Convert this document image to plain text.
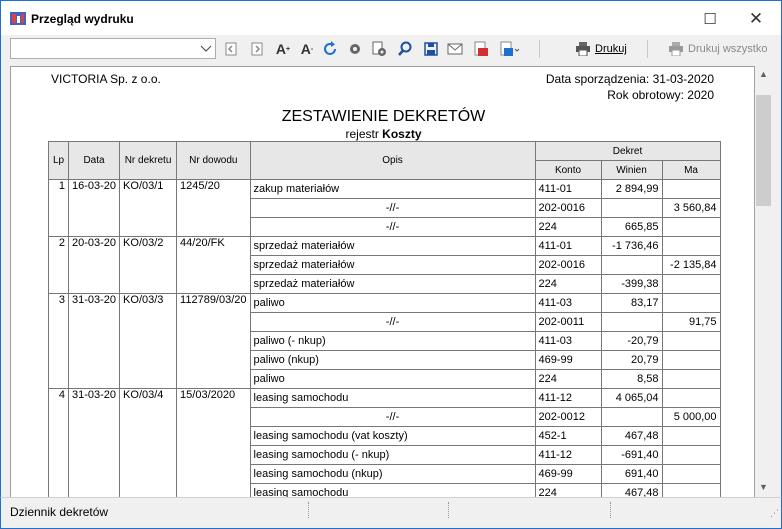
Przegląd wydruku	☐ ✕
A + A -	Drukuj	Drukuj wszystko
VICTORIA Sp. z o.o.	Data sporządzenia: 31-03-2020
Rok obrotowy: 2020
ZESTAWIENIE DEKRETÓW
rejestr Koszty
Lp	Data	Nr dekretu	Nr dowodu	Opis	Dekret		
					Konto	Winien	Ma
1	16-03-20	KO/03/1	1245/20	zakup materiałów	411-01	2 894,99	
				-//-	202-0016		3 560,84
				-//-	224	665,85	
2	20-03-20	KO/03/2	44/20/FK	sprzedaż materiałów	411-01	-1 736,46	
				sprzedaż materiałów	202-0016		-2 135,84
				sprzedaż materiałów	224	-399,38	
3	31-03-20	KO/03/3	112789/03/20	paliwo	411-03	83,17	
				-//-	202-0011		91,75
				paliwo (- nkup)	411-03	-20,79	
				paliwo (nkup)	469-99	20,79	
				paliwo	224	8,58	
4	31-03-20	KO/03/4	15/03/2020	leasing samochodu	411-12	4 065,04	
				-//-	202-0012		5 000,00
				leasing samochodu (vat koszty)	452-1	467,48	
				leasing samochodu (- nkup)	411-12	-691,40	
				leasing samochodu (nkup)	469-99	691,40	
				leasing samochodu	224	467,48	
▲
▼
Dziennik dekretów	⋰
